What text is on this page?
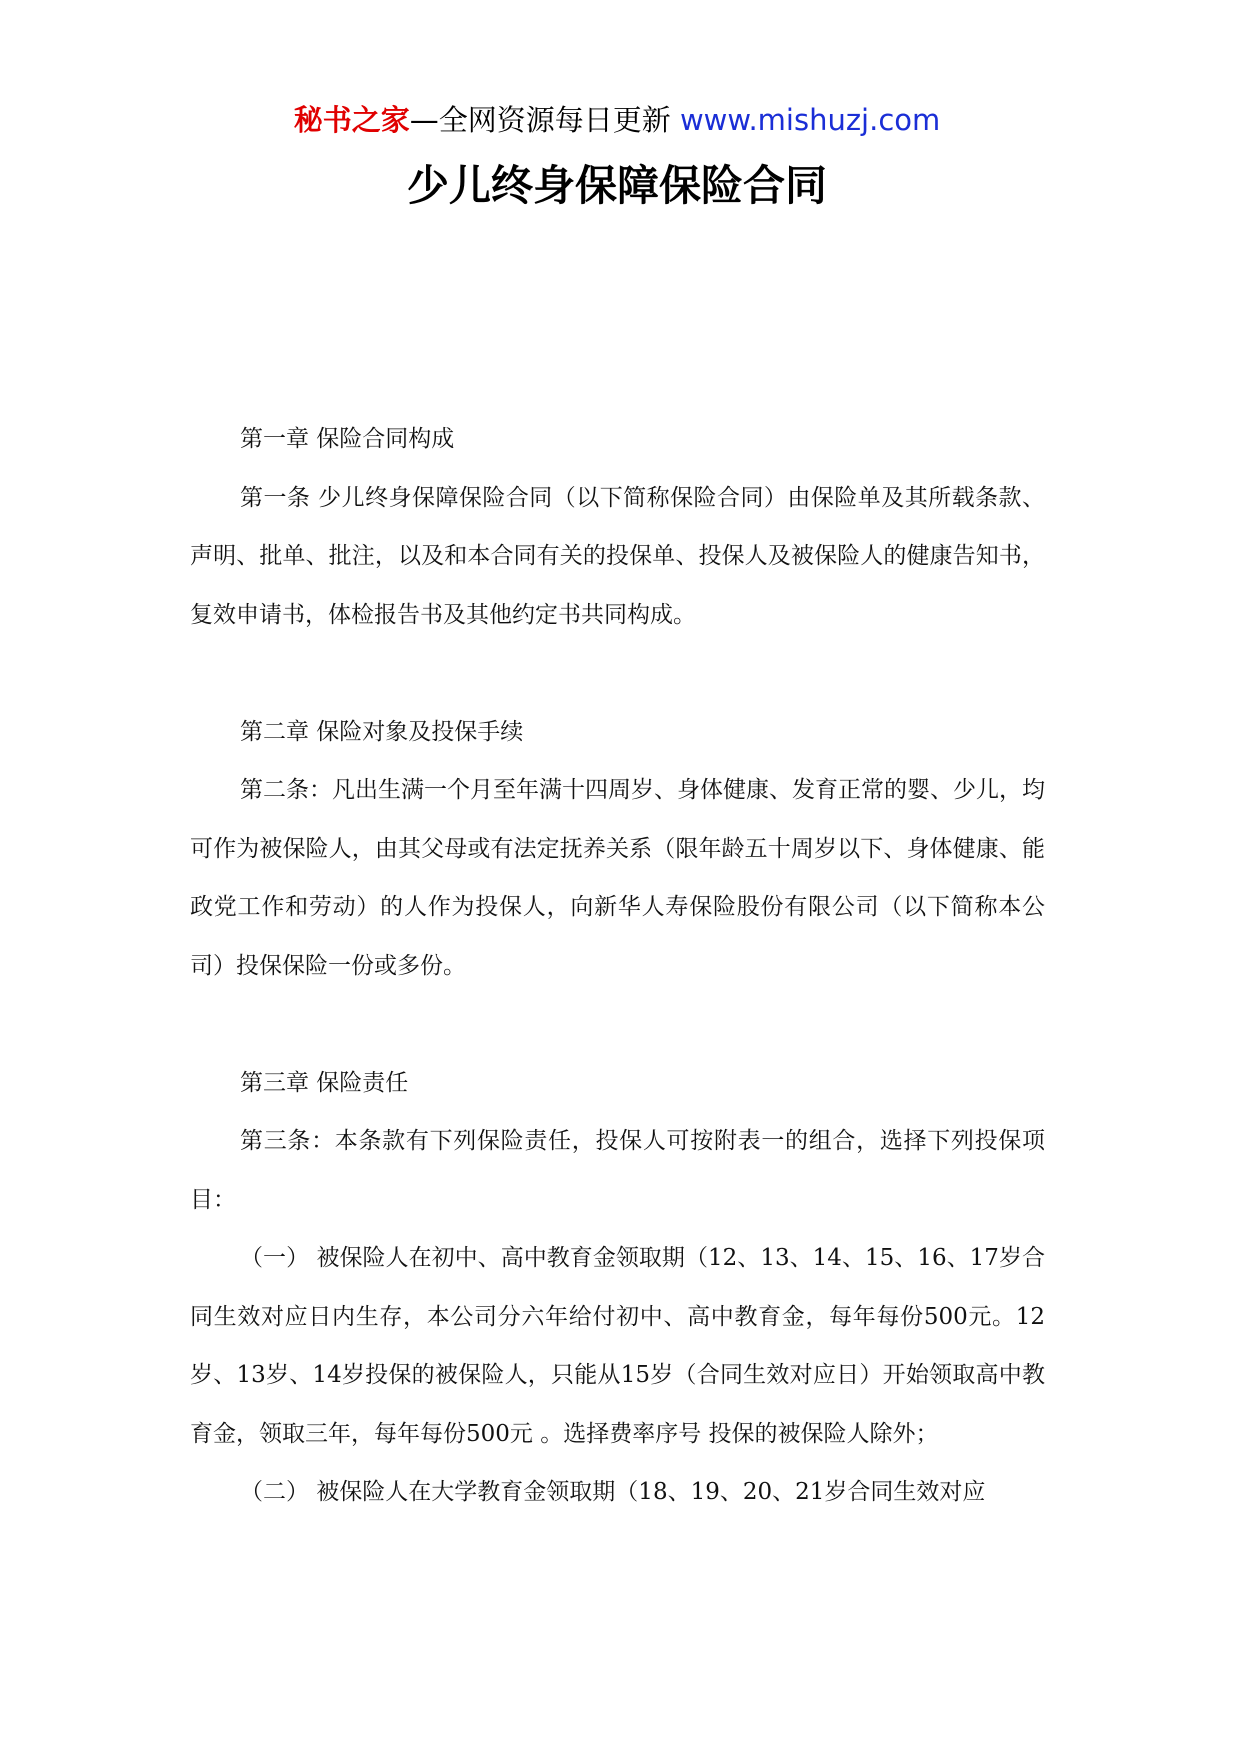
秘书之家—全网资源每日更新 www.mishuzj.com
少儿终身保障保险合同

第一章 保险合同构成

第一条 少儿终身保障保险合同（以下简称保险合同）由保险单及其所载条款、声明、批单、批注，以及和本合同有关的投保单、投保人及被保险人的健康告知书，复效申请书，体检报告书及其他约定书共同构成。

第二章 保险对象及投保手续

第二条：凡出生满一个月至年满十四周岁、身体健康、发育正常的婴、少儿，均可作为被保险人，由其父母或有法定抚养关系（限年龄五十周岁以下、身体健康、能政党工作和劳动）的人作为投保人，向新华人寿保险股份有限公司（以下简称本公司）投保保险一份或多份。

第三章 保险责任

第三条：本条款有下列保险责任，投保人可按附表一的组合，选择下列投保项目：

（一） 被保险人在初中、高中教育金领取期（12、13、14、15、16、17岁合同生效对应日内生存，本公司分六年给付初中、高中教育金，每年每份500元。12岁、13岁、14岁投保的被保险人，只能从15岁（合同生效对应日）开始领取高中教育金，领取三年，每年每份500元 。选择费率序号 投保的被保险人除外；

（二） 被保险人在大学教育金领取期（18、19、20、21岁合同生效对应
